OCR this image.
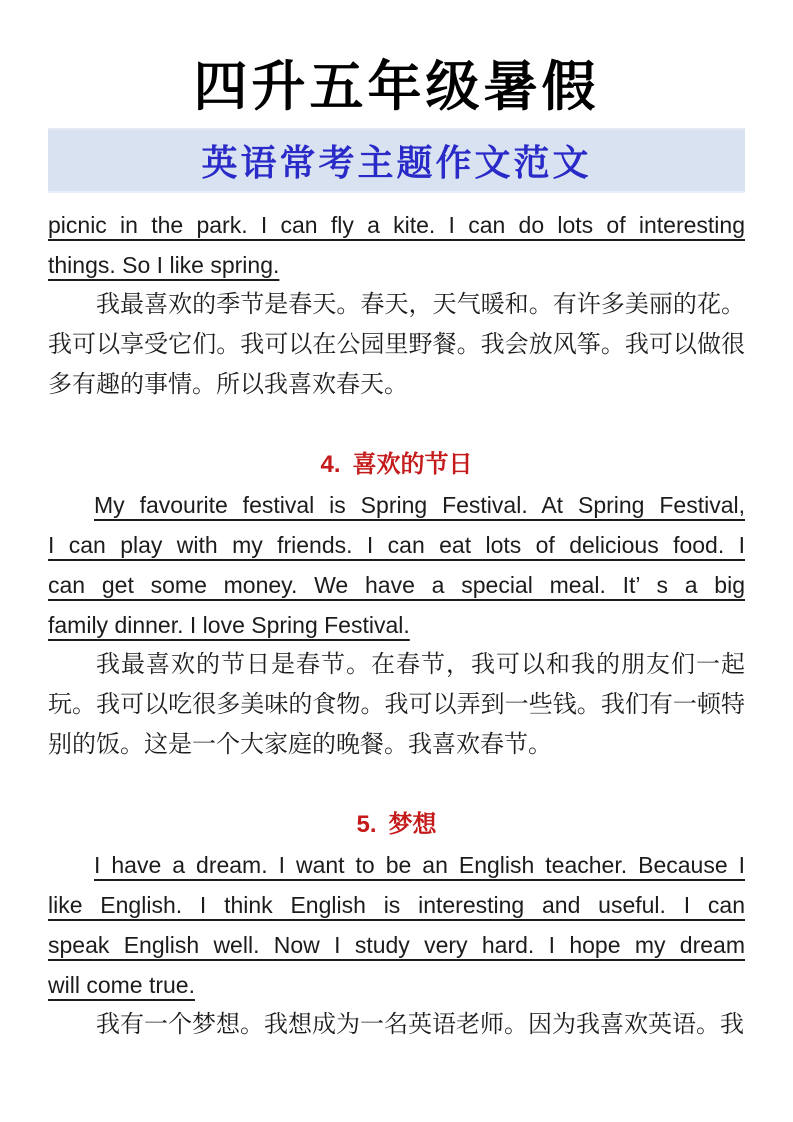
四升五年级暑假
英语常考主题作文范文
picnic in the park. I can fly a kite. I can do lots of interesting
things. So I like spring.

我最喜欢的季节是春天。春天，天气暖和。有许多美丽的花。我可以享受它们。我可以在公园里野餐。我会放风筝。我可以做很多有趣的事情。所以我喜欢春天。

4. 喜欢的节日
My favourite festival is Spring Festival. At Spring Festival,
I can play with my friends. I can eat lots of delicious food. I
can get some money. We have a special meal. It’ s a big
family dinner. I love Spring Festival.

我最喜欢的节日是春节。在春节，我可以和我的朋友们一起玩。我可以吃很多美味的食物。我可以弄到一些钱。我们有一顿特别的饭。这是一个大家庭的晚餐。我喜欢春节。

5. 梦想
I have a dream. I want to be an English teacher. Because I
like English. I think English is interesting and useful. I can
speak English well. Now I study very hard. I hope my dream
will come true.

我有一个梦想。我想成为一名英语老师。因为我喜欢英语。我
